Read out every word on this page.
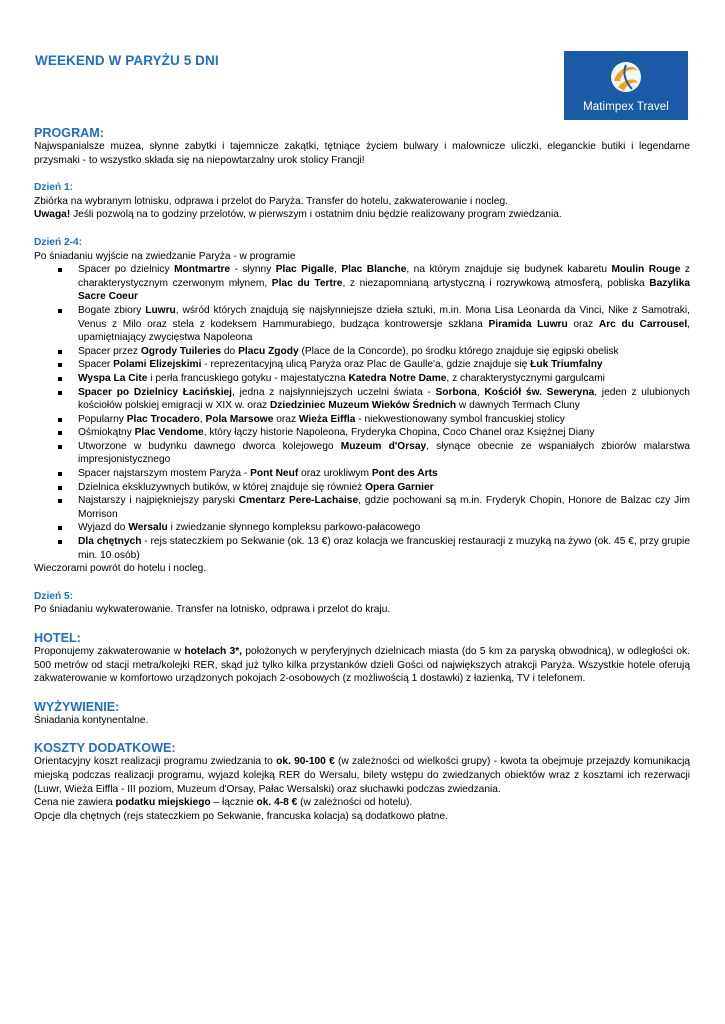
WEEKEND W PARYŻU 5 DNI
Matimpex Travel
PROGRAM:

Najwspanialsze muzea, słynne zabytki i tajemnicze zakątki, tętniące życiem bulwary i malownicze uliczki, eleganckie butiki i legendarne przysmaki - to wszystko składa się na niepowtarzalny urok stolicy Francji!

Dzień 1:

Zbiórka na wybranym lotnisku, odprawa i przelot do Paryża. Transfer do hotelu, zakwaterowanie i nocleg.

Uwaga! Jeśli pozwolą na to godziny przelotów, w pierwszym i ostatnim dniu będzie realizowany program zwiedzania.

Dzień 2-4:

Po śniadaniu wyjście na zwiedzanie Paryża - w programie

Spacer po dzielnicy Montmartre - słynny Plac Pigalle, Plac Blanche, na którym znajduje się budynek kabaretu Moulin Rouge z charakterystycznym czerwonym młynem, Plac du Tertre, z niezapomnianą artystyczną i rozrywkową atmosferą, pobliska Bazylika Sacre Coeur
Bogate zbiory Luwru, wśród których znajdują się najsłynniejsze dzieła sztuki, m.in. Mona Lisa Leonarda da Vinci, Nike z Samotraki, Venus z Milo oraz stela z kodeksem Hammurabiego, budząca kontrowersje szklana Piramida Luwru oraz Arc du Carrousel, upamiętniający zwycięstwa Napoleona
Spacer przez Ogrody Tuileries do Placu Zgody (Place de la Concorde), po środku którego znajduje się egipski obelisk
Spacer Polami Elizejskimi - reprezentacyjną ulicą Paryża oraz Plac de Gaulle'a, gdzie znajduje się Łuk Triumfalny
Wyspa La Cite i perła francuskiego gotyku - majestatyczna Katedra Notre Dame, z charakterystycznymi gargulcami
Spacer po Dzielnicy Łacińskiej, jedna z najsłynniejszych uczelni świata - Sorbona, Kościół św. Seweryna, jeden z ulubionych kościołów polskiej emigracji w XIX w. oraz Dziedziniec Muzeum Wieków Średnich w dawnych Termach Cluny
Popularny Plac Trocadero, Pola Marsowe oraz Wieża Eiffla - niekwestionowany symbol francuskiej stolicy
Ośmiokątny Plac Vendome, który łączy historie Napoleona, Fryderyka Chopina, Coco Chanel oraz Księżnej Diany
Utworzone w budynku dawnego dworca kolejowego Muzeum d'Orsay, słynące obecnie ze wspaniałych zbiorów malarstwa impresjonistycznego
Spacer najstarszym mostem Paryża - Pont Neuf oraz urokliwym Pont des Arts
Dzielnica ekskluzywnych butików, w której znajduje się również Opera Garnier
Najstarszy i najpiękniejszy paryski Cmentarz Pere-Lachaise, gdzie pochowani są m.in. Fryderyk Chopin, Honore de Balzac czy Jim Morrison
Wyjazd do Wersalu i zwiedzanie słynnego kompleksu parkowo-pałacowego
Dla chętnych - rejs stateczkiem po Sekwanie (ok. 13 €) oraz kolacja we francuskiej restauracji z muzyką na żywo (ok. 45 €, przy grupie min. 10 osób)

Wieczorami powrót do hotelu i nocleg.

Dzień 5:

Po śniadaniu wykwaterowanie. Transfer na lotnisko, odprawa i przelot do kraju.

HOTEL:

Proponujemy zakwaterowanie w hotelach 3*, położonych w peryferyjnych dzielnicach miasta (do 5 km za paryską obwodnicą), w odległości ok. 500 metrów od stacji metra/kolejki RER, skąd już tylko kilka przystanków dzieli Gości od największych atrakcji Paryża. Wszystkie hotele oferują zakwaterowanie w komfortowo urządzonych pokojach 2-osobowych (z możliwością 1 dostawki) z łazienką, TV i telefonem.

WYŻYWIENIE:

Śniadania kontynentalne.

KOSZTY DODATKOWE:

Orientacyjny koszt realizacji programu zwiedzania to ok. 90-100 € (w zależności od wielkości grupy) - kwota ta obejmuje przejazdy komunikacją miejską podczas realizacji programu, wyjazd kolejką RER do Wersalu, bilety wstępu do zwiedzanych obiektów wraz z kosztami ich rezerwacji (Luwr, Wieża Eiffla - III poziom, Muzeum d'Orsay, Pałac Wersalski) oraz słuchawki podczas zwiedzania.

Cena nie zawiera podatku miejskiego – łącznie ok. 4-8 € (w zależności od hotelu).

Opcje dla chętnych (rejs stateczkiem po Sekwanie, francuska kolacja) są dodatkowo płatne.
